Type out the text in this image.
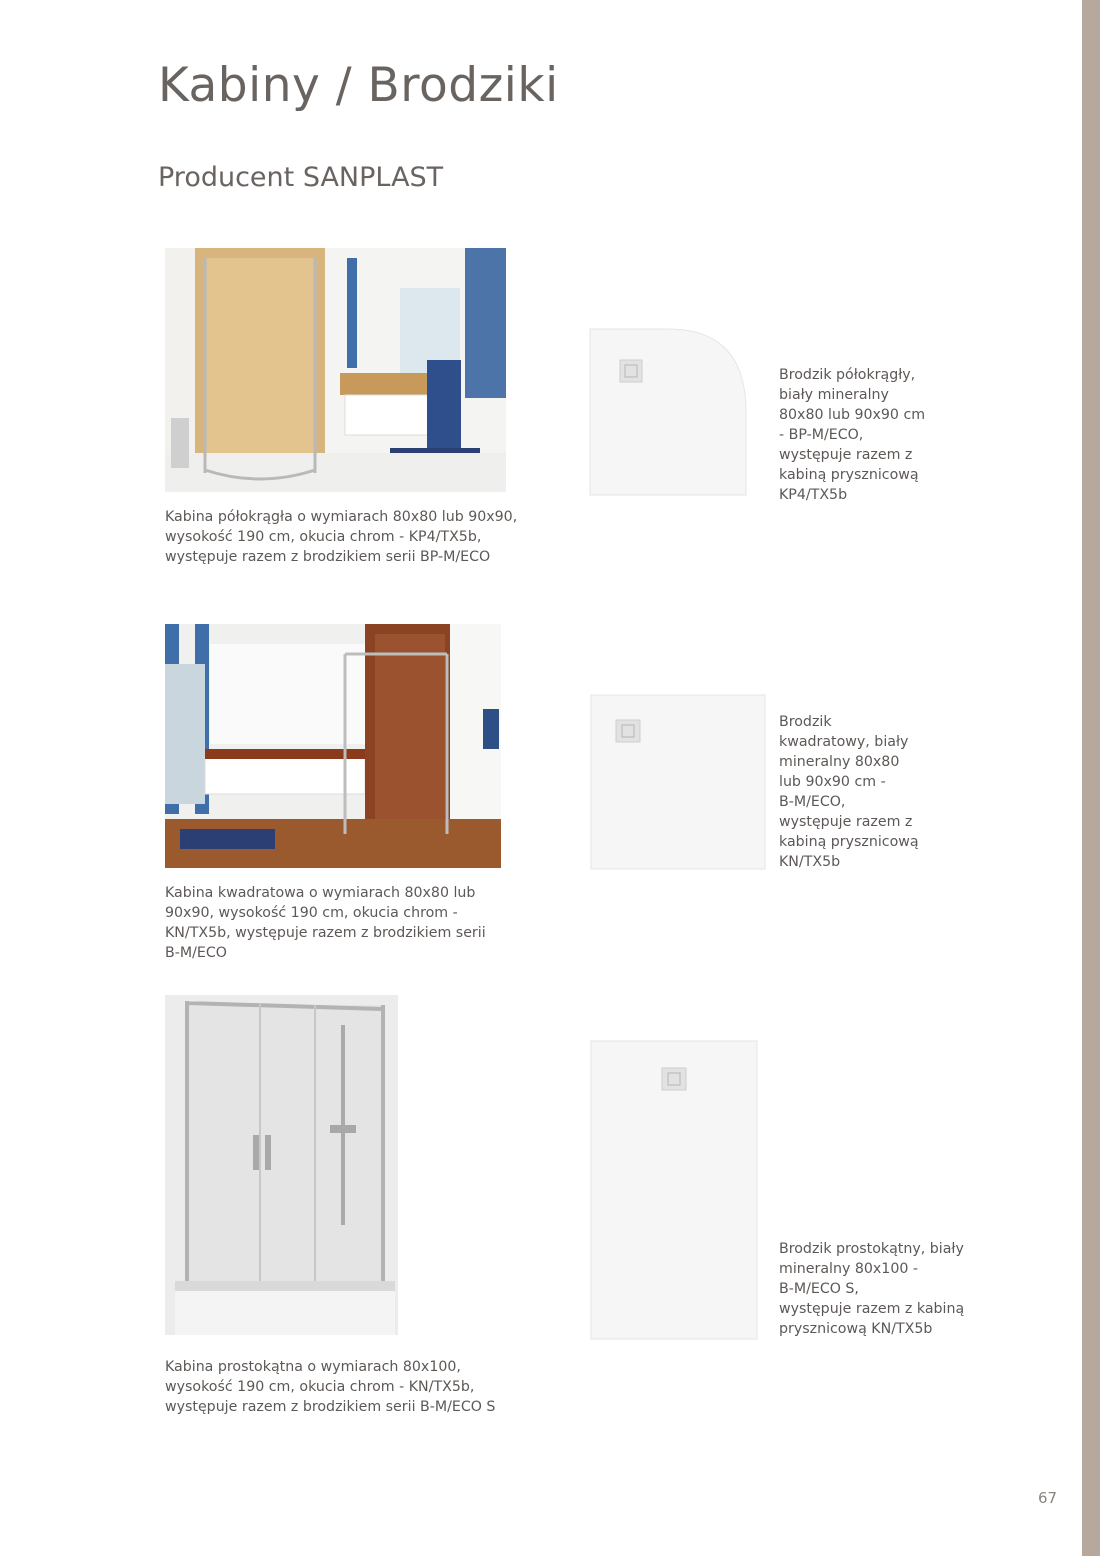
Kabiny / Brodziki
Producent SANPLAST
Kabina półokrągła o wymiarach 80x80 lub 90x90,
wysokość 190 cm, okucia chrom - KP4/TX5b,
występuje razem z brodzikiem serii BP-M/ECO
Brodzik półokrągły,
biały mineralny
80x80 lub 90x90 cm
- BP-M/ECO,
występuje razem z
kabiną prysznicową
KP4/TX5b
Kabina kwadratowa o wymiarach 80x80 lub
90x90, wysokość 190 cm, okucia chrom -
KN/TX5b, występuje razem z brodzikiem serii
B-M/ECO
Brodzik
kwadratowy, biały
mineralny 80x80
lub 90x90 cm -
B-M/ECO,
występuje razem z
kabiną prysznicową
KN/TX5b
Kabina prostokątna o wymiarach 80x100,
wysokość 190 cm, okucia chrom - KN/TX5b,
występuje razem z brodzikiem serii B-M/ECO S
Brodzik prostokątny, biały
mineralny 80x100 -
B-M/ECO S,
występuje razem z kabiną
prysznicową KN/TX5b
67
